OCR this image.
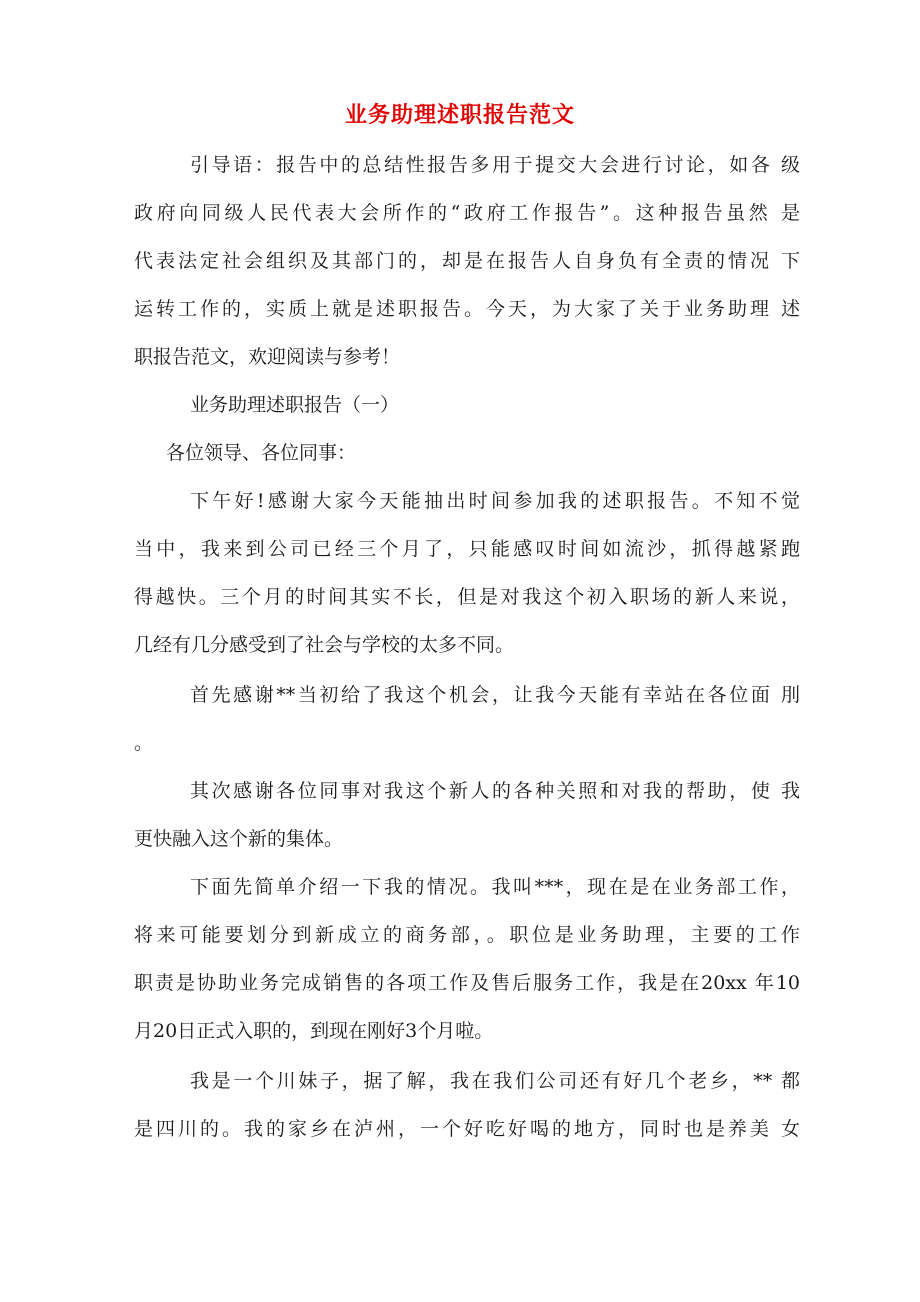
业务助理述职报告范文
引导语：报告中的总结性报告多用于提交大会进行讨论，如各 级
政府向同级人民代表大会所作的“政府工作报告”。这种报告虽然 是
代表法定社会组织及其部门的，却是在报告人自身负有全责的情况 下
运转工作的，实质上就是述职报告。今天，为大家了关于业务助理 述
职报告范文，欢迎阅读与参考！
业务助理述职报告（一）
各位领导、各位同事：
下午好!感谢大家今天能抽出时间参加我的述职报告。不知不觉
当中，我来到公司已经三个月了，只能感叹时间如流沙，抓得越紧跑
得越快。三个月的时间其实不长，但是对我这个初入职场的新人来说，
几经有几分感受到了社会与学校的太多不同。
首先感谢**当初给了我这个机会，让我今天能有幸站在各位面 刖
。
其次感谢各位同事对我这个新人的各种关照和对我的帮助，使 我
更快融入这个新的集体。
下面先简单介绍一下我的情况。我叫***，现在是在业务部工作，
将来可能要划分到新成立的商务部，。职位是业务助理，主要的工作
职责是协助业务完成销售的各项工作及售后服务工作，我是在20xx 年10
月20日正式入职的，到现在刚好3个月啦。
我是一个川妹子，据了解，我在我们公司还有好几个老乡，** 都
是四川的。我的家乡在泸州，一个好吃好喝的地方，同时也是养美 女
